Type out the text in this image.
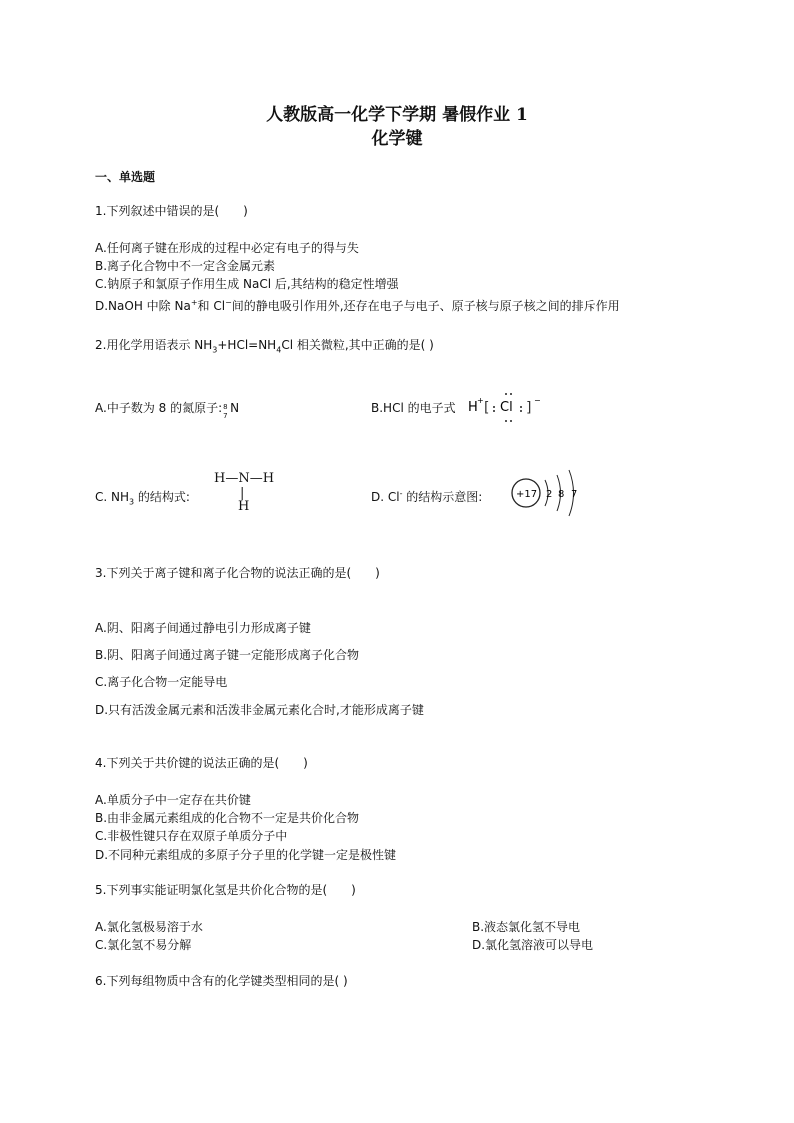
人教版高一化学下学期 暑假作业 1
化学键
一、单选题
1.下列叙述中错误的是(　　)
A.任何离子键在形成的过程中必定有电子的得与失
B.离子化合物中不一定含金属元素
C.钠原子和氯原子作用生成 NaCl 后,其结构的稳定性增强
D.NaOH 中除 Na+和 Cl−间的静电吸引作用外,还存在电子与电子、原子核与原子核之间的排斥作用
2.用化学用语表示 $NH_3+HCl=NH_4Cl$ 相关微粒,其中正确的是( )
A.中子数为 8 的氮原子: 8
7
N	B.HCl 的电子式 H + [ Cl ] −
C. $NH_3$ 的结构式:
H—N—H
|
H
D. Cl- 的结构示意图:	+17 2 8 7
3.下列关于离子键和离子化合物的说法正确的是(　　)
A.阴、阳离子间通过静电引力形成离子键
B.阴、阳离子间通过离子键一定能形成离子化合物
C.离子化合物一定能导电
D.只有活泼金属元素和活泼非金属元素化合时,才能形成离子键
4.下列关于共价键的说法正确的是(　　)
A.单质分子中一定存在共价键
B.由非金属元素组成的化合物不一定是共价化合物
C.非极性键只存在双原子单质分子中
D.不同种元素组成的多原子分子里的化学键一定是极性键
5.下列事实能证明氯化氢是共价化合物的是(　　)
A.氯化氢极易溶于水	B.液态氯化氢不导电
C.氯化氢不易分解	D.氯化氢溶液可以导电
6.下列每组物质中含有的化学键类型相同的是( )
